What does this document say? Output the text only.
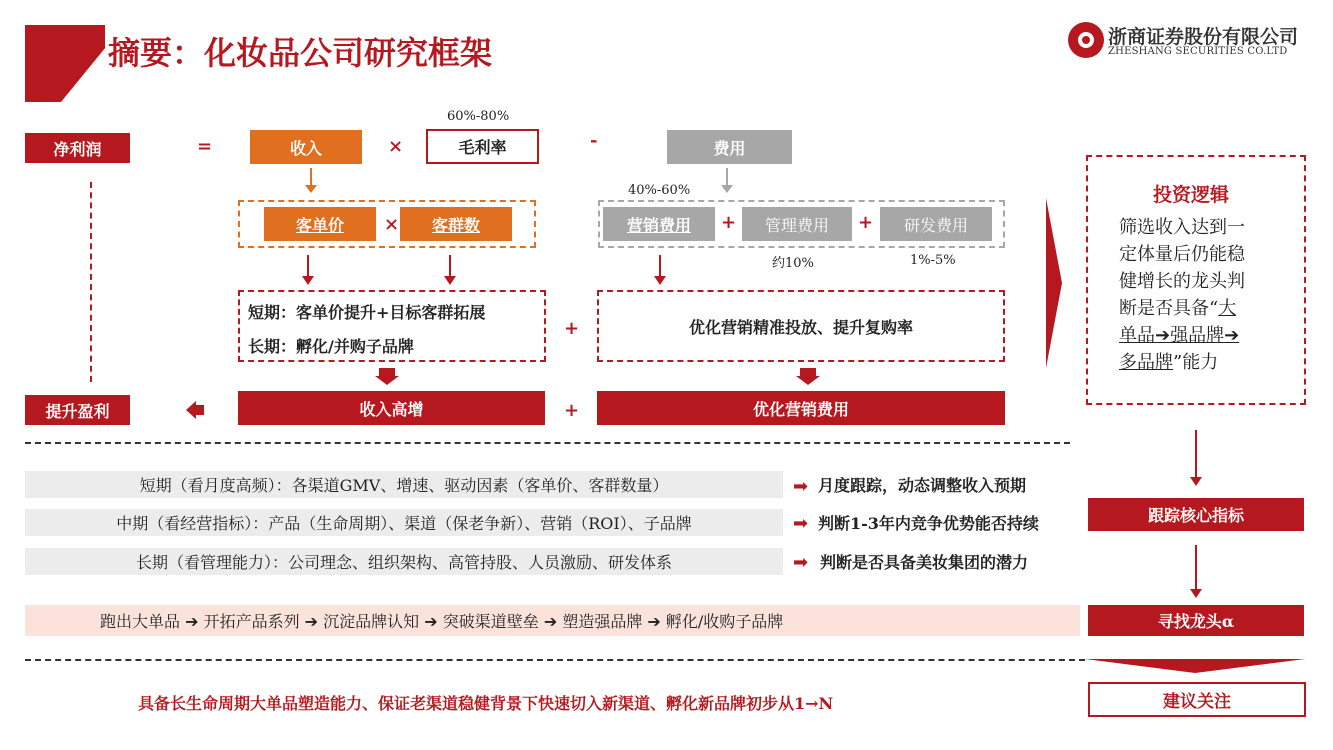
摘要：化妆品公司研究框架	浙商证券股份有限公司
ZHESHANG SECURITIES CO.LTD
净利润	=	收入	×
60%-80%
毛利率	-	费用
40%-60%
客单价	×	客群数	营销费用	+	管理费用	+	研发费用
约10%	1%-5%
短期：客单价提升+目标客群拓展
长期：孵化/并购子品牌
+	优化营销精准投放、提升复购率
提升盈利	收入高增	+	优化营销费用
投资逻辑
筛选收入达到一
定体量后仍能稳
健增长的龙头判
断是否具备“大
单品➔强品牌➔
多品牌”能力
短期（看月度高频）：各渠道GMV、增速、驱动因素（客单价、客群数量）
中期（看经营指标）：产品（生命周期）、渠道（保老争新）、营销（ROI）、子品牌
长期（看管理能力）：公司理念、组织架构、高管持股、人员激励、研发体系
➡ 月度跟踪，动态调整收入预期
➡ 判断1-3年内竞争优势能否持续
➡ 判断是否具备美妆集团的潜力
跟踪核心指标
跑出大单品 ➔ 开拓产品系列 ➔ 沉淀品牌认知 ➔ 突破渠道壁垒 ➔ 塑造强品牌 ➔ 孵化/收购子品牌	寻找龙头α
具备长生命周期大单品塑造能力、保证老渠道稳健背景下快速切入新渠道、孵化新品牌初步从1→N	建议关注
